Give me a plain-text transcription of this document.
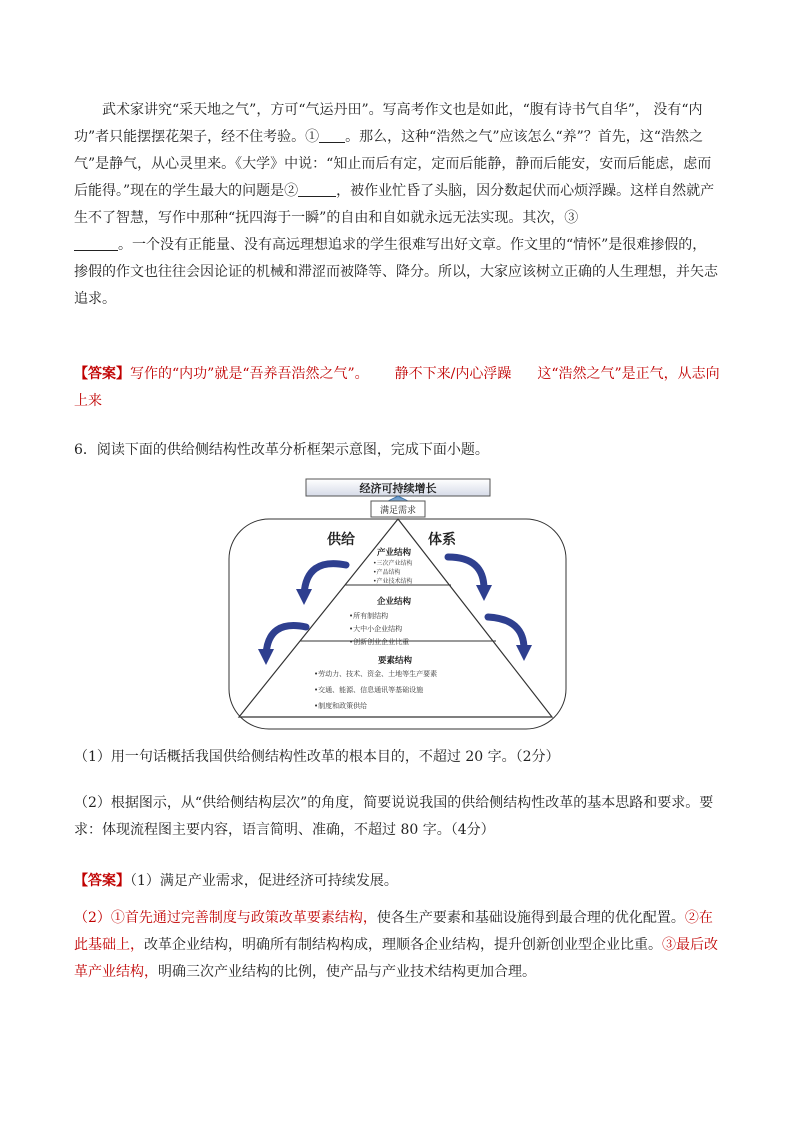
武术家讲究“采天地之气”，方可“气运丹田”。写高考作文也是如此，“腹有诗书气自华”， 没有“内功”者只能摆摆花架子，经不住考验。① 。那么，这种“浩然之气”应该怎么“养”？首先，这“浩然之气”是静气，从心灵里来。《大学》中说：“知止而后有定，定而后能静，静而后能安，安而后能虑，虑而后能得。”现在的学生最大的问题是②	，被作业忙昏了头脑，因分数起伏而心烦浮躁。这样自然就产生不了智慧，写作中那种“抚四海于一瞬”的自由和自如就永远无法实现。其次，③
。一个没有正能量、没有高远理想追求的学生很难写出好文章。作文里的“情怀”是很难掺假的，掺假的作文也往往会因论证的机械和滞涩而被降等、降分。所以，大家应该树立正确的人生理想，并矢志追求。
【答案】写作的“内功”就是“吾养吾浩然之气”。 静不下来/内心浮躁 这“浩然之气”是正气，从志向上来
6．阅读下面的供给侧结构性改革分析框架示意图，完成下面小题。
经济可持续增长
满足需求
供给	体系
产业结构
•三次产业结构
•产品结构
•产业技术结构
企业结构
•所有制结构
•大中小企业结构
•创新创业企业比重
要素结构
•劳动力、技术、资金、土地等生产要素
•交通、能源、信息通讯等基础设施
•制度和政策供给
（1）用一句话概括我国供给侧结构性改革的根本目的，不超过 20 字。（2分）
（2）根据图示，从“供给侧结构层次”的角度，简要说说我国的供给侧结构性改革的基本思路和要求。要求：体现流程图主要内容，语言简明、准确，不超过 80 字。（4分）
【答案】（1）满足产业需求，促进经济可持续发展。
（2）①首先通过完善制度与政策改革要素结构，使各生产要素和基础设施得到最合理的优化配置。②在此基础上，改革企业结构，明确所有制结构构成，理顺各企业结构，提升创新创业型企业比重。③最后改革产业结构，明确三次产业结构的比例，使产品与产业技术结构更加合理。
